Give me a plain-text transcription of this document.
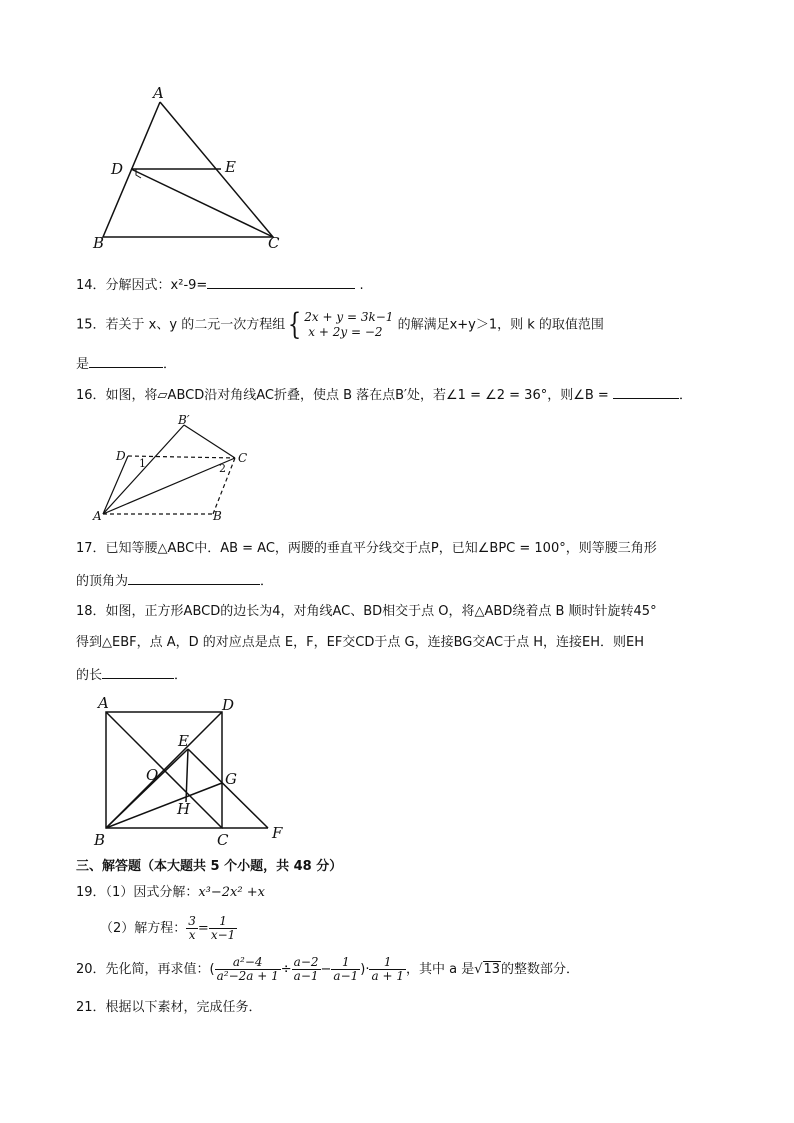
A
D	E
B	C
14．分解因式：x²-9=	.
15．若关于 x、y 的二元一次方程组{ 2x + y = 3k−1
x + 2y = −2	的解满足x+y＞1，则 k 的取值范围
是	．
16．如图，将▱ABCD沿对角线AC折叠，使点 B 落在点B′处，若∠1 = ∠2 = 36°，则∠B =	．
B′
D
1	2
C
A	B
17．已知等腰△ABC中．AB = AC，两腰的垂直平分线交于点P，已知∠BPC = 100°，则等腰三角形
的顶角为	．
18．如图，正方形ABCD的边长为4，对角线AC、BD相交于点 O，将△ABD绕着点 B 顺时针旋转45°
得到△EBF，点 A，D 的对应点是点 E，F，EF交CD于点 G，连接BG交AC于点 H，连接EH．则EH
的长	．
A	D
E
O	G
H
B	C	F
三、解答题（本大题共 5 个小题，共 48 分）
19．（1）因式分解：x³−2x² +x
（2）解方程： $\frac{3}{x} = \frac{1}{x-1}$
20．先化简，再求值：( $\frac{\text{a²−4}}{\text{a²−2a + 1}} \div \frac{a-2}{a-1} - \frac{1}{a-1}$ )· $\frac{1}{a + 1}$ ，其中 a 是√13的整数部分．
21．根据以下素材，完成任务．
